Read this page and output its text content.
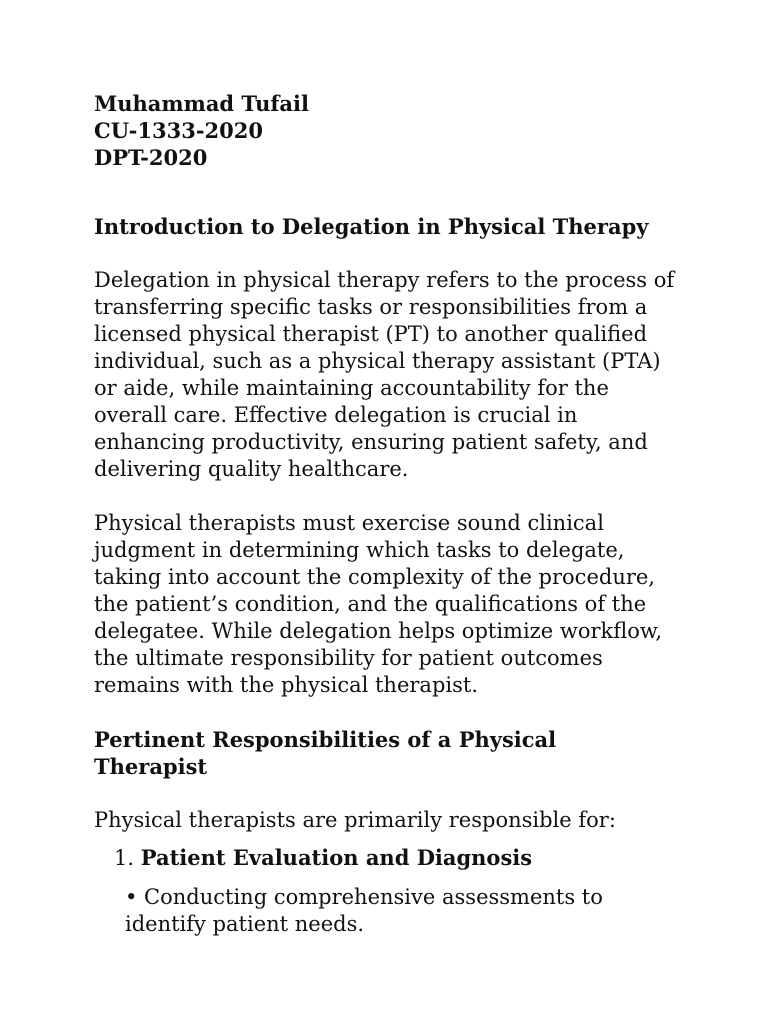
Muhammad Tufail
CU-1333-2020
DPT-2020
Introduction to Delegation in Physical Therapy

Delegation in physical therapy refers to the process of transferring specific tasks or responsibilities from a licensed physical therapist (PT) to another qualified individual, such as a physical therapy assistant (PTA) or aide, while maintaining accountability for the overall care. Effective delegation is crucial in enhancing productivity, ensuring patient safety, and delivering quality healthcare.

Physical therapists must exercise sound clinical judgment in determining which tasks to delegate, taking into account the complexity of the procedure, the patient’s condition, and the qualifications of the delegatee. While delegation helps optimize workflow, the ultimate responsibility for patient outcomes remains with the physical therapist.

Pertinent Responsibilities of a Physical Therapist

Physical therapists are primarily responsible for:

1. Patient Evaluation and Diagnosis

• Conducting comprehensive assessments to identify patient needs.
